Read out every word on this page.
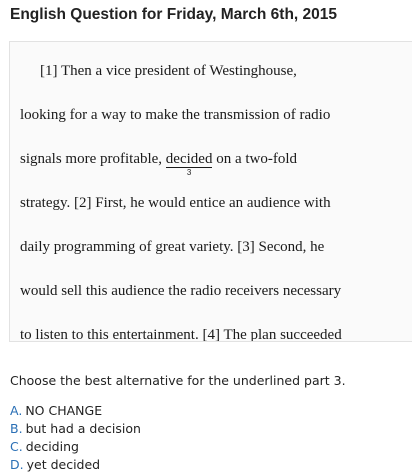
English Question for Friday, March 6th, 2015
[1] Then a vice president of Westinghouse,
looking for a way to make the transmission of radio
signals more profitable, decided
3
on a two-fold
strategy. [2] First, he would entice an audience with
daily programming of great variety. [3] Second, he
would sell this audience the radio receivers necessary
to listen to this entertainment. [4] The plan succeeded
Choose the best alternative for the underlined part 3.
A. NO CHANGE
B. but had a decision
C. deciding
D. yet decided
